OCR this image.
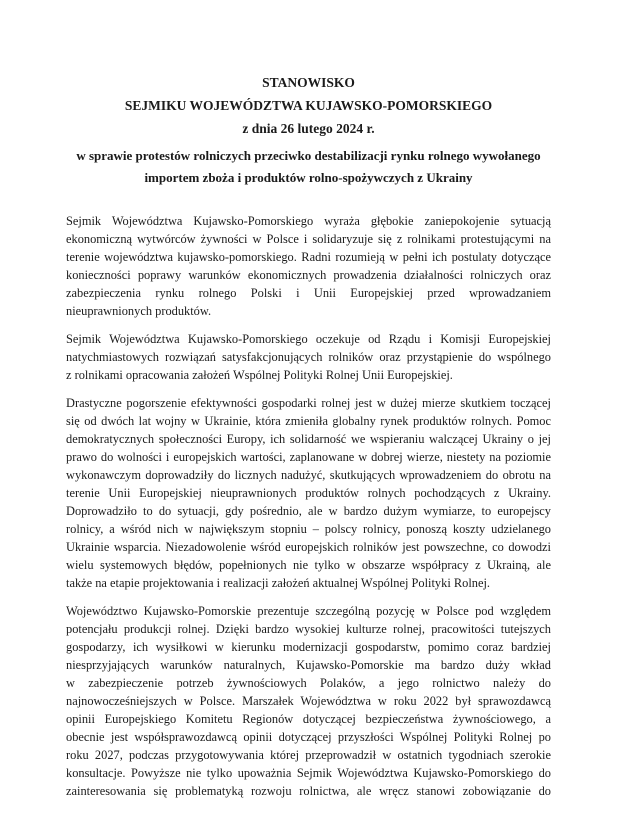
STANOWISKO
SEJMIKU WOJEWÓDZTWA KUJAWSKO-POMORSKIEGO
z dnia 26 lutego 2024 r.
w sprawie protestów rolniczych przeciwko destabilizacji rynku rolnego wywołanego
importem zboża i produktów rolno-spożywczych z Ukrainy
Sejmik Województwa Kujawsko-Pomorskiego wyraża głębokie zaniepokojenie sytuacją
ekonomiczną wytwórców żywności w Polsce i solidaryzuje się z rolnikami protestującymi na
terenie województwa kujawsko-pomorskiego. Radni rozumieją w pełni ich postulaty dotyczące
konieczności poprawy warunków ekonomicznych prowadzenia działalności rolniczych oraz
zabezpieczenia rynku rolnego Polski i Unii Europejskiej przed wprowadzaniem
nieuprawnionych produktów.
Sejmik Województwa Kujawsko-Pomorskiego oczekuje od Rządu i Komisji Europejskiej
natychmiastowych rozwiązań satysfakcjonujących rolników oraz przystąpienie do wspólnego
z rolnikami opracowania założeń Wspólnej Polityki Rolnej Unii Europejskiej.
Drastyczne pogorszenie efektywności gospodarki rolnej jest w dużej mierze skutkiem toczącej
się od dwóch lat wojny w Ukrainie, która zmieniła globalny rynek produktów rolnych. Pomoc
demokratycznych społeczności Europy, ich solidarność we wspieraniu walczącej Ukrainy o jej
prawo do wolności i europejskich wartości, zaplanowane w dobrej wierze, niestety na poziomie
wykonawczym doprowadziły do licznych nadużyć, skutkujących wprowadzeniem do obrotu na
terenie Unii Europejskiej nieuprawnionych produktów rolnych pochodzących z Ukrainy.
Doprowadziło to do sytuacji, gdy pośrednio, ale w bardzo dużym wymiarze, to europejscy
rolnicy, a wśród nich w największym stopniu – polscy rolnicy, ponoszą koszty udzielanego
Ukrainie wsparcia. Niezadowolenie wśród europejskich rolników jest powszechne, co dowodzi
wielu systemowych błędów, popełnionych nie tylko w obszarze współpracy z Ukrainą, ale
także na etapie projektowania i realizacji założeń aktualnej Wspólnej Polityki Rolnej.
Województwo Kujawsko-Pomorskie prezentuje szczególną pozycję w Polsce pod względem
potencjału produkcji rolnej. Dzięki bardzo wysokiej kulturze rolnej, pracowitości tutejszych
gospodarzy, ich wysiłkowi w kierunku modernizacji gospodarstw, pomimo coraz bardziej
niesprzyjających warunków naturalnych, Kujawsko-Pomorskie ma bardzo duży wkład
w zabezpieczenie potrzeb żywnościowych Polaków, a jego rolnictwo należy do
najnowocześniejszych w Polsce. Marszałek Województwa w roku 2022 był sprawozdawcą
opinii Europejskiego Komitetu Regionów dotyczącej bezpieczeństwa żywnościowego, a
obecnie jest współsprawozdawcą opinii dotyczącej przyszłości Wspólnej Polityki Rolnej po
roku 2027, podczas przygotowywania której przeprowadził w ostatnich tygodniach szerokie
konsultacje. Powyższe nie tylko upoważnia Sejmik Województwa Kujawsko-Pomorskiego do
zainteresowania się problematyką rozwoju rolnictwa, ale wręcz stanowi zobowiązanie do
